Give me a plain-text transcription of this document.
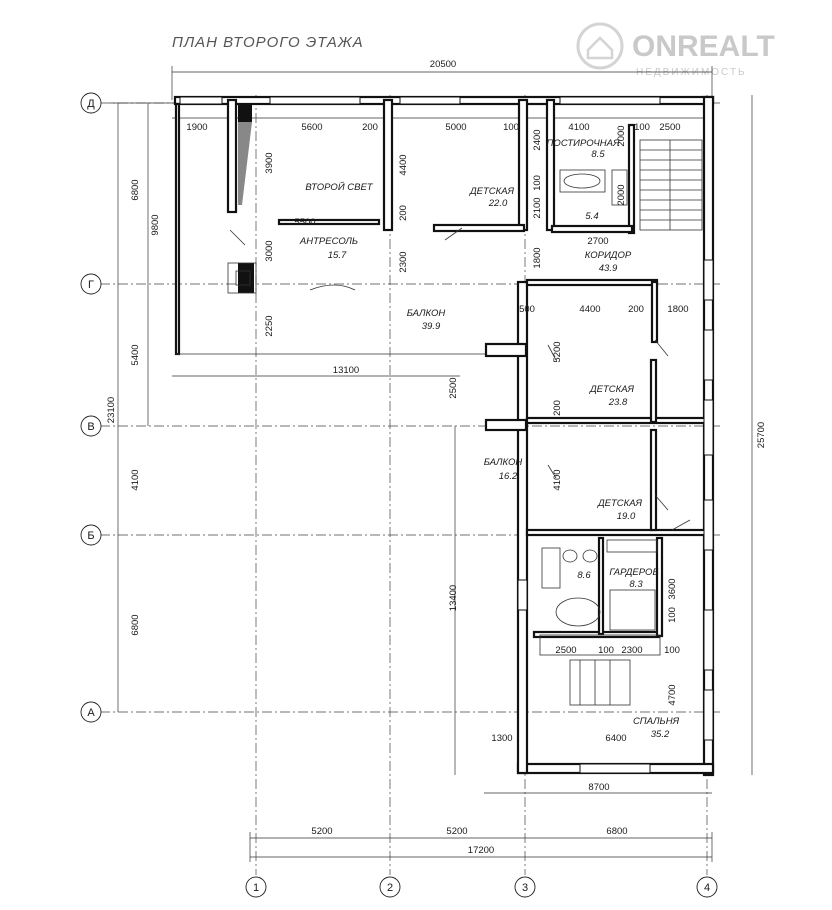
ПЛАН ВТОРОГО ЭТАЖА	ONREALT
НЕДВИЖИМОСТЬ
Д
Г
В
Б
А
1	2	3	4
ВТОРОЙ СВЕТ	ДЕТСКАЯ
22.0
ПОСТИРОЧНАЯ
8.5
5.4
КОРИДОР
43.9
АНТРЕСОЛЬ
15.7
БАЛКОН
39.9
ДЕТСКАЯ
23.8
БАЛКОН
16.2
ДЕТСКАЯ
19.0
8.6 ГАРДЕРОБ
8.3
СПАЛЬНЯ
35.2
20500
1900	5600	200	5000	100	4100	100 2500
6800
23100
6800
9800
5400
4100
25700
13100
8700
5200	5200	6800
17200
3900	4400
2400
100
2100
200
5500
3000
2300	1800
2700
2000
2000
2250
4400	200 1800
500
5200
2500
200
4100
13400	3600
100
2500 100 2300 100
4700
1300	6400
